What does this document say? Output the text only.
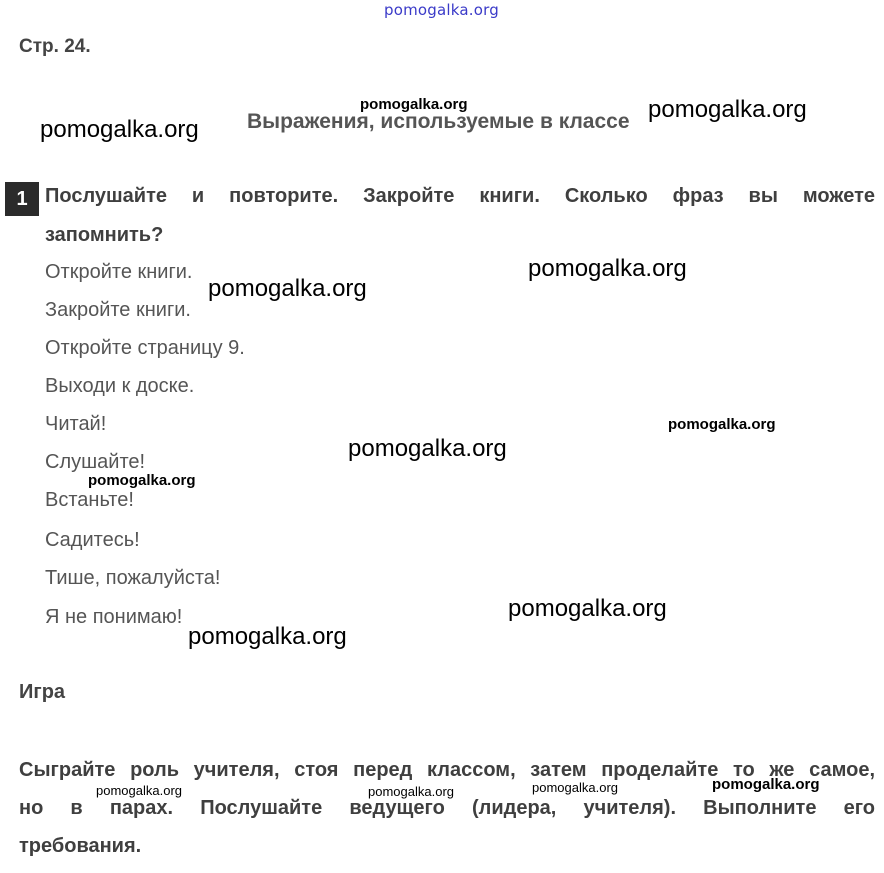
Стр. 24.
Выражения, используемые в классе
1 Послушайте и повторите. Закройте книги. Сколько фраз вы можете
запомнить?
Откройте книги.
Закройте книги.
Откройте страницу 9.
Выходи к доске.
Читай!
Слушайте!
Встаньте!
Садитесь!
Тише, пожалуйста!
Я не понимаю!
Игра
Сыграйте роль учителя, стоя перед классом, затем проделайте то же самое,
но в парах. Послушайте ведущего (лидера, учителя). Выполните его
требования.
pomogalka.org
pomogalka.org
pomogalka.org
pomogalka.org
pomogalka.org
pomogalka.org
pomogalka.org
pomogalka.org
pomogalka.org
pomogalka.org
pomogalka.org
pomogalka.org	pomogalka.org	pomogalka.org	pomogalka.org
